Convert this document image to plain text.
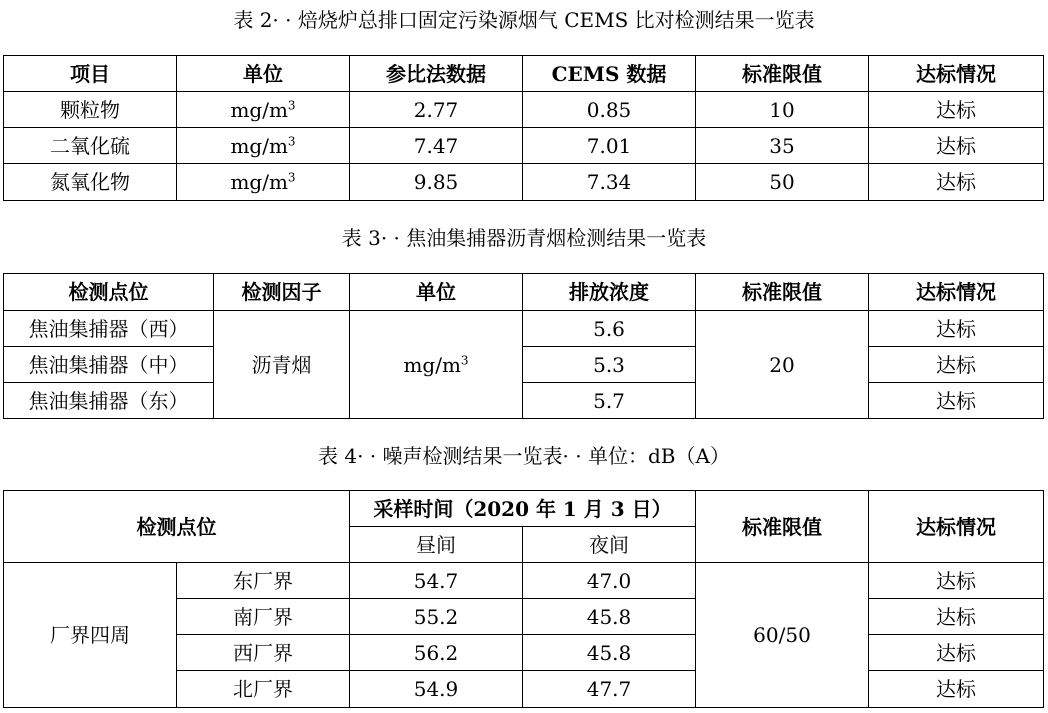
表 2· · 焙烧炉总排口固定污染源烟气 CEMS 比对检测结果一览表
项目	单位	参比法数据	CEMS 数据	标准限值	达标情况
颗粒物	$mg/m^3$	2.77	0.85	10	达标
二氧化硫	$mg/m^3$	7.47	7.01	35	达标
氮氧化物	$mg/m^3$	9.85	7.34	50	达标
表 3· · 焦油集捕器沥青烟检测结果一览表
检测点位	检测因子	单位	排放浓度	标准限值	达标情况
焦油集捕器（西）	沥青烟	$mg/m^3$	5.6	20	达标
焦油集捕器（中）			5.3		达标
焦油集捕器（东）			5.7		达标
表 4· · 噪声检测结果一览表· · 单位：dB（A）
检测点位		采样时间（2020 年 1 月 3 日）		标准限值	达标情况
		昼间	夜间		
厂界四周	东厂界	54.7	47.0	60/50	达标
	南厂界	55.2	45.8		达标
	西厂界	56.2	45.8		达标
	北厂界	54.9	47.7		达标
